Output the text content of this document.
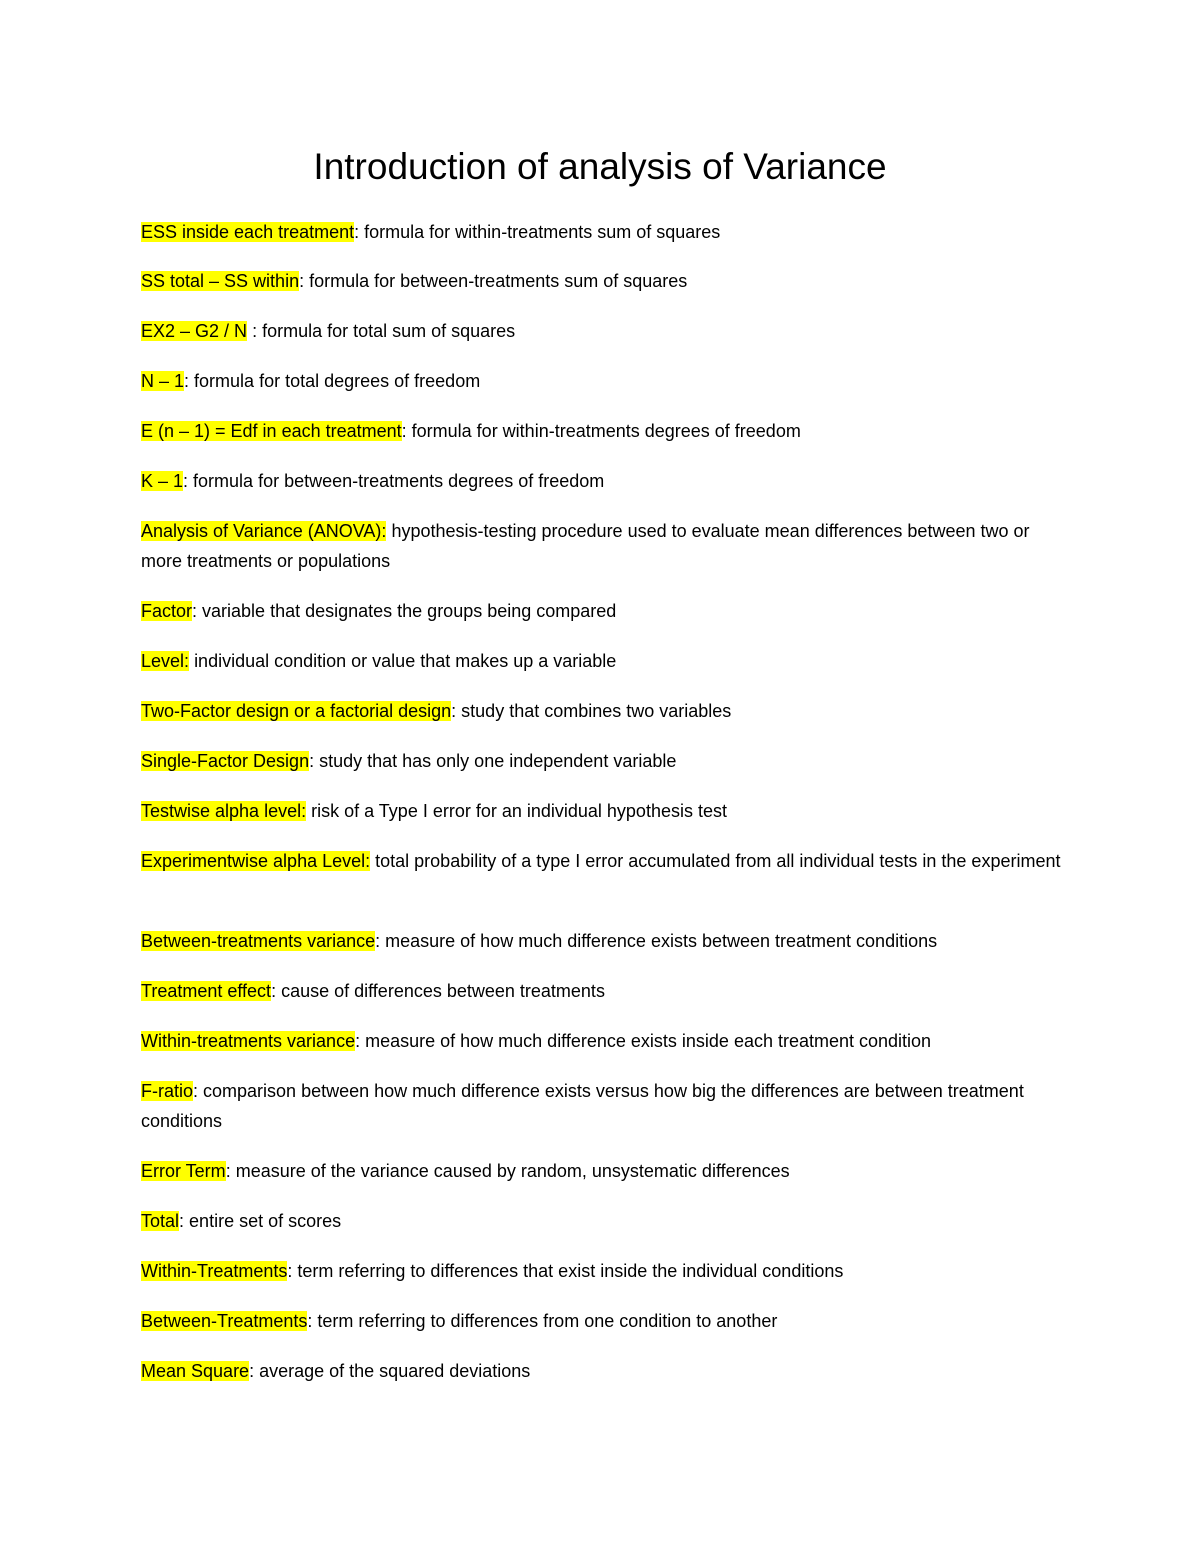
Introduction of analysis of Variance

ESS inside each treatment: formula for within-treatments sum of squares

SS total – SS within: formula for between-treatments sum of squares

EX2 – G2 / N : formula for total sum of squares

N – 1: formula for total degrees of freedom

E (n – 1) = Edf in each treatment: formula for within-treatments degrees of freedom

K – 1: formula for between-treatments degrees of freedom

Analysis of Variance (ANOVA): hypothesis-testing procedure used to evaluate mean differences between two or more treatments or populations

Factor: variable that designates the groups being compared

Level: individual condition or value that makes up a variable

Two-Factor design or a factorial design: study that combines two variables

Single-Factor Design: study that has only one independent variable

Testwise alpha level: risk of a Type I error for an individual hypothesis test

Experimentwise alpha Level: total probability of a type I error accumulated from all individual tests in the experiment

Between-treatments variance: measure of how much difference exists between treatment conditions

Treatment effect: cause of differences between treatments

Within-treatments variance: measure of how much difference exists inside each treatment condition

F-ratio: comparison between how much difference exists versus how big the differences are between treatment conditions

Error Term: measure of the variance caused by random, unsystematic differences

Total: entire set of scores

Within-Treatments: term referring to differences that exist inside the individual conditions

Between-Treatments: term referring to differences from one condition to another

Mean Square: average of the squared deviations
